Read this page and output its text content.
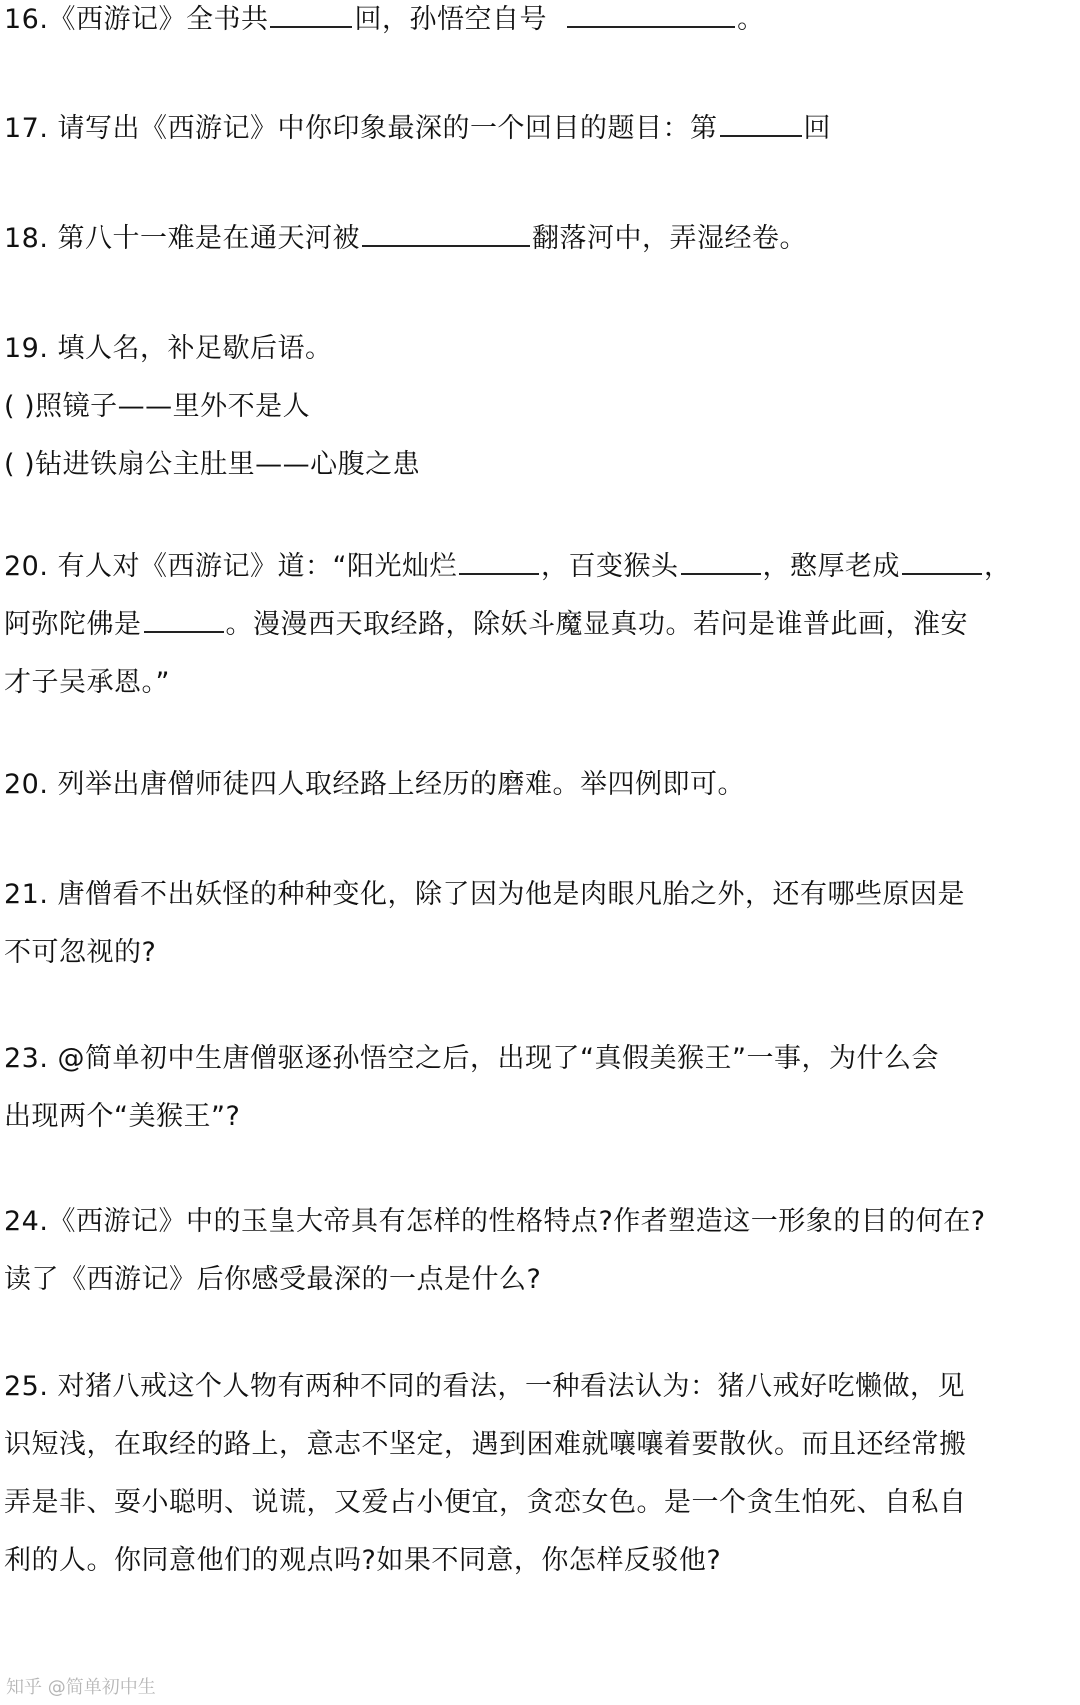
16.《西游记》全书共	回，孙悟空自号	。
17. 请写出《西游记》中你印象最深的一个回目的题目：第	回
18. 第八十一难是在通天河被	翻落河中，弄湿经卷。
19. 填人名，补足歇后语。
( )照镜子——里外不是人
( )钻进铁扇公主肚里——心腹之患
20. 有人对《西游记》道：“阳光灿烂	，百变猴头	，憨厚老成	，
阿弥陀佛是	。漫漫西天取经路，除妖斗魔显真功。若问是谁普此画，淮安
才子吴承恩。”
20. 列举出唐僧师徒四人取经路上经历的磨难。举四例即可。
21. 唐僧看不出妖怪的种种变化，除了因为他是肉眼凡胎之外，还有哪些原因是
不可忽视的?
23. @简单初中生唐僧驱逐孙悟空之后，出现了“真假美猴王”一事，为什么会
出现两个“美猴王”?
24.《西游记》中的玉皇大帝具有怎样的性格特点?作者塑造这一形象的目的何在?
读了《西游记》后你感受最深的一点是什么?
25. 对猪八戒这个人物有两种不同的看法，一种看法认为：猪八戒好吃懒做，见
识短浅，在取经的路上，意志不坚定，遇到困难就嚷嚷着要散伙。而且还经常搬
弄是非、耍小聪明、说谎，又爱占小便宜，贪恋女色。是一个贪生怕死、自私自
利的人。你同意他们的观点吗?如果不同意，你怎样反驳他?
知乎 @简单初中生
